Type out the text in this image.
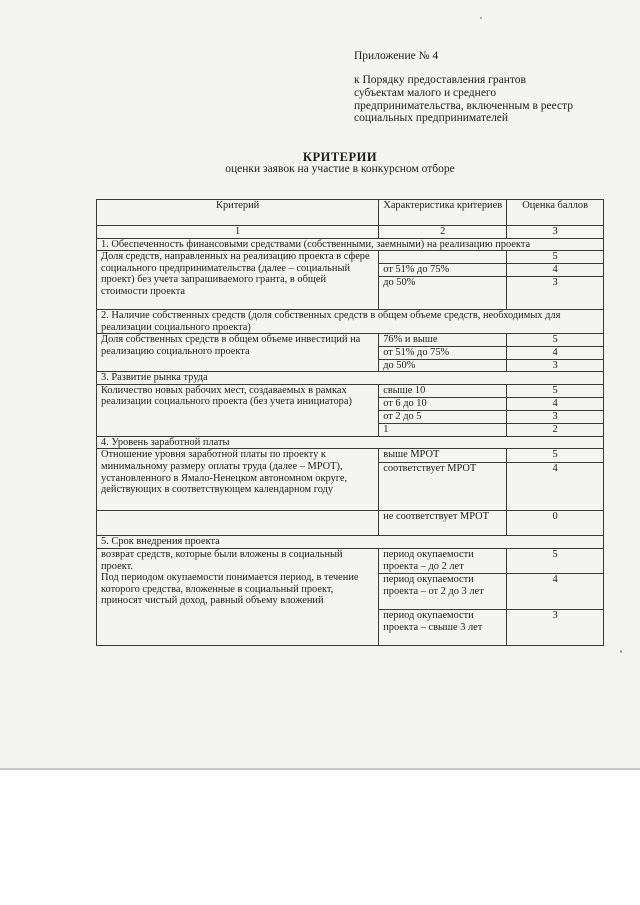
Приложение № 4
к Порядку предоставления грантов
субъектам малого и среднего
предпринимательства, включенным в реестр
социальных предпринимателей
КРИТЕРИИ
оценки заявок на участие в конкурсном отборе
Критерий	Характеристика критериев	Оценка баллов
1	2	3
1. Обеспеченность финансовыми средствами (собственными, заемными) на реализацию проекта		
Доля средств, направленных на реализацию проекта в сфере социального предпринимательства (далее – социальный проект) без учета запрашиваемого гранта, в общей стоимости проекта		5
	от 51% до 75%	4
	до 50%	3
2. Наличие собственных средств (доля собственных средств в общем объеме средств, необходимых для реализации социального проекта)		
Доля собственных средств в общем объеме инвестиций на реализацию социального проекта	76% и выше	5
	от 51% до 75%	4
	до 50%	3
3. Развитие рынка труда		
Количество новых рабочих мест, создаваемых в рамках реализации социального проекта (без учета инициатора)	свыше 10	5
	от 6 до 10	4
	от 2 до 5	3
	1	2
4. Уровень заработной платы		
Отношение уровня заработной платы по проекту к минимальному размеру оплаты труда (далее – МРОТ), установленного в Ямало-Ненецком автономном округе, действующих в соответствующем календарном году	выше МРОТ	5
	соответствует МРОТ	4
	не соответствует МРОТ	0
5. Срок внедрения проекта		

возврат средств, которые были вложены в социальный проект.
Под периодом окупаемости понимается период, в течение которого средства, вложенные в социальный проект, приносят чистый доход, равный объему вложений	период окупаемости проекта – до 2 лет	5
	период окупаемости проекта – от 2 до 3 лет	4
	период окупаемости проекта – свыше 3 лет	3
